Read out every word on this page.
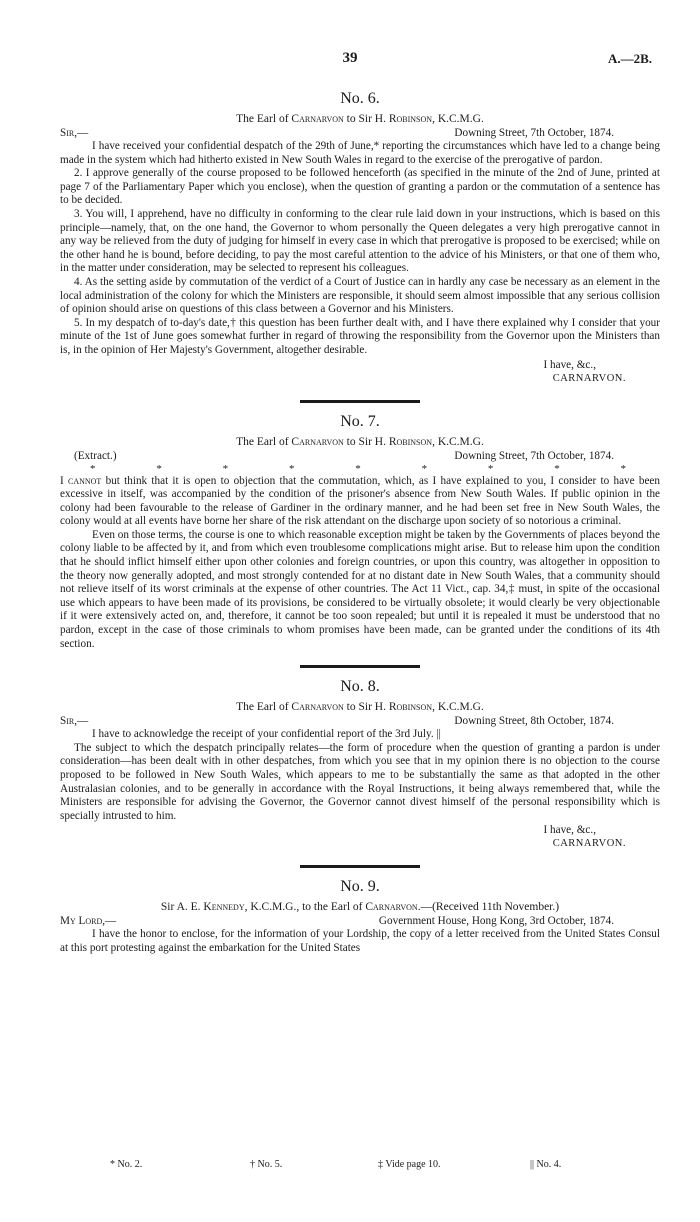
39	A.—2B.
No. 6.
The Earl of Carnarvon to Sir H. Robinson, K.C.M.G.
Sir,—	Downing Street, 7th October, 1874.

I have received your confidential despatch of the 29th of June,* reporting the circumstances which have led to a change being made in the system which had hitherto existed in New South Wales in regard to the exercise of the prerogative of pardon.

2. I approve generally of the course proposed to be followed henceforth (as specified in the minute of the 2nd of June, printed at page 7 of the Parliamentary Paper which you enclose), when the question of granting a pardon or the commutation of a sentence has to be decided.

3. You will, I apprehend, have no difficulty in conforming to the clear rule laid down in your instructions, which is based on this principle—namely, that, on the one hand, the Governor to whom personally the Queen delegates a very high prerogative cannot in any way be relieved from the duty of judging for himself in every case in which that prerogative is proposed to be exercised; while on the other hand he is bound, before deciding, to pay the most careful attention to the advice of his Ministers, or that one of them who, in the matter under consideration, may be selected to represent his colleagues.

4. As the setting aside by commutation of the verdict of a Court of Justice can in hardly any case be necessary as an element in the local administration of the colony for which the Ministers are responsible, it should seem almost impossible that any serious collision of opinion should arise on questions of this class between a Governor and his Ministers.

5. In my despatch of to-day's date,† this question has been further dealt with, and I have there explained why I consider that your minute of the 1st of June goes somewhat further in regard of throwing the responsibility from the Governor upon the Ministers than is, in the opinion of Her Majesty's Government, altogether desirable.

I have, &c.,
CARNARVON.
No. 7.
The Earl of Carnarvon to Sir H. Robinson, K.C.M.G.
(Extract.)	Downing Street, 7th October, 1874.
*	*	*	*	*	*	*	*	*

I cannot but think that it is open to objection that the commutation, which, as I have explained to you, I consider to have been excessive in itself, was accompanied by the condition of the prisoner's absence from New South Wales. If public opinion in the colony had been favourable to the release of Gardiner in the ordinary manner, and he had been set free in New South Wales, the colony would at all events have borne her share of the risk attendant on the discharge upon society of so notorious a criminal.

Even on those terms, the course is one to which reasonable exception might be taken by the Governments of places beyond the colony liable to be affected by it, and from which even troublesome complications might arise. But to release him upon the condition that he should inflict himself either upon other colonies and foreign countries, or upon this country, was altogether in opposition to the theory now generally adopted, and most strongly contended for at no distant date in New South Wales, that a community should not relieve itself of its worst criminals at the expense of other countries. The Act 11 Vict., cap. 34,‡ must, in spite of the occasional use which appears to have been made of its provisions, be considered to be virtually obsolete; it would clearly be very objectionable if it were extensively acted on, and, therefore, it cannot be too soon repealed; but until it is repealed it must be understood that no pardon, except in the case of those criminals to whom promises have been made, can be granted under the conditions of its 4th section.

No. 8.
The Earl of Carnarvon to Sir H. Robinson, K.C.M.G.
Sir,—	Downing Street, 8th October, 1874.

I have to acknowledge the receipt of your confidential report of the 3rd July. ||

The subject to which the despatch principally relates—the form of procedure when the question of granting a pardon is under consideration—has been dealt with in other despatches, from which you see that in my opinion there is no objection to the course proposed to be followed in New South Wales, which appears to me to be substantially the same as that adopted in the other Australasian colonies, and to be generally in accordance with the Royal Instructions, it being always remembered that, while the Ministers are responsible for advising the Governor, the Governor cannot divest himself of the personal responsibility which is specially intrusted to him.

I have, &c.,
CARNARVON.
No. 9.
Sir A. E. Kennedy, K.C.M.G., to the Earl of Carnarvon.—(Received 11th November.)
My Lord,—	Government House, Hong Kong, 3rd October, 1874.

I have the honor to enclose, for the information of your Lordship, the copy of a letter received from the United States Consul at this port protesting against the embarkation for the United States

* No. 2.	† No. 5.	‡ Vide page 10.	|| No. 4.
